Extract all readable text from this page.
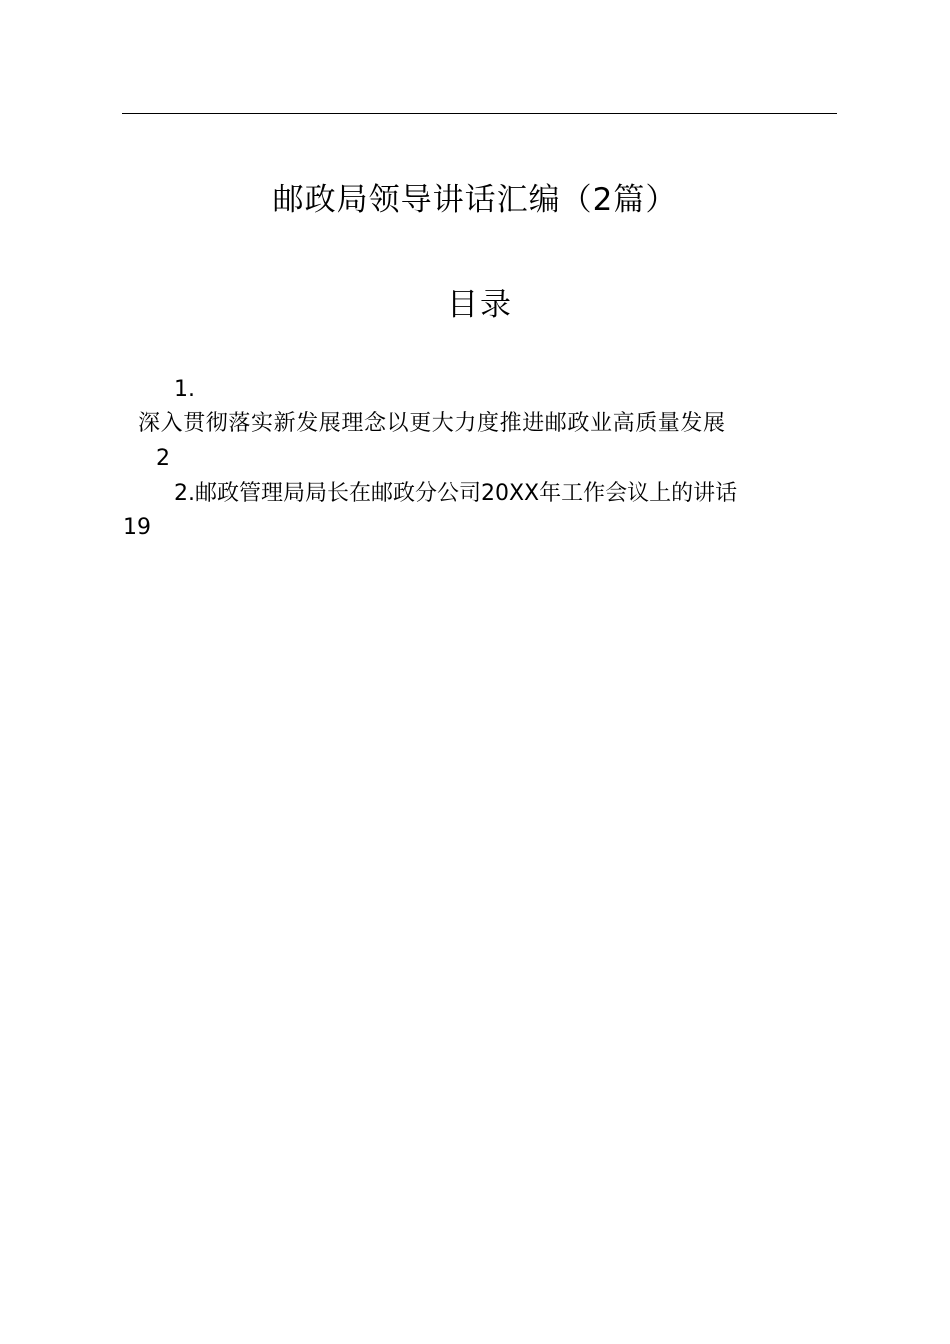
邮政局领导讲话汇编（2篇）
目录
1.
深入贯彻落实新发展理念以更大力度推进邮政业高质量发展
2
2.邮政管理局局长在邮政分公司20XX年工作会议上的讲话
19
